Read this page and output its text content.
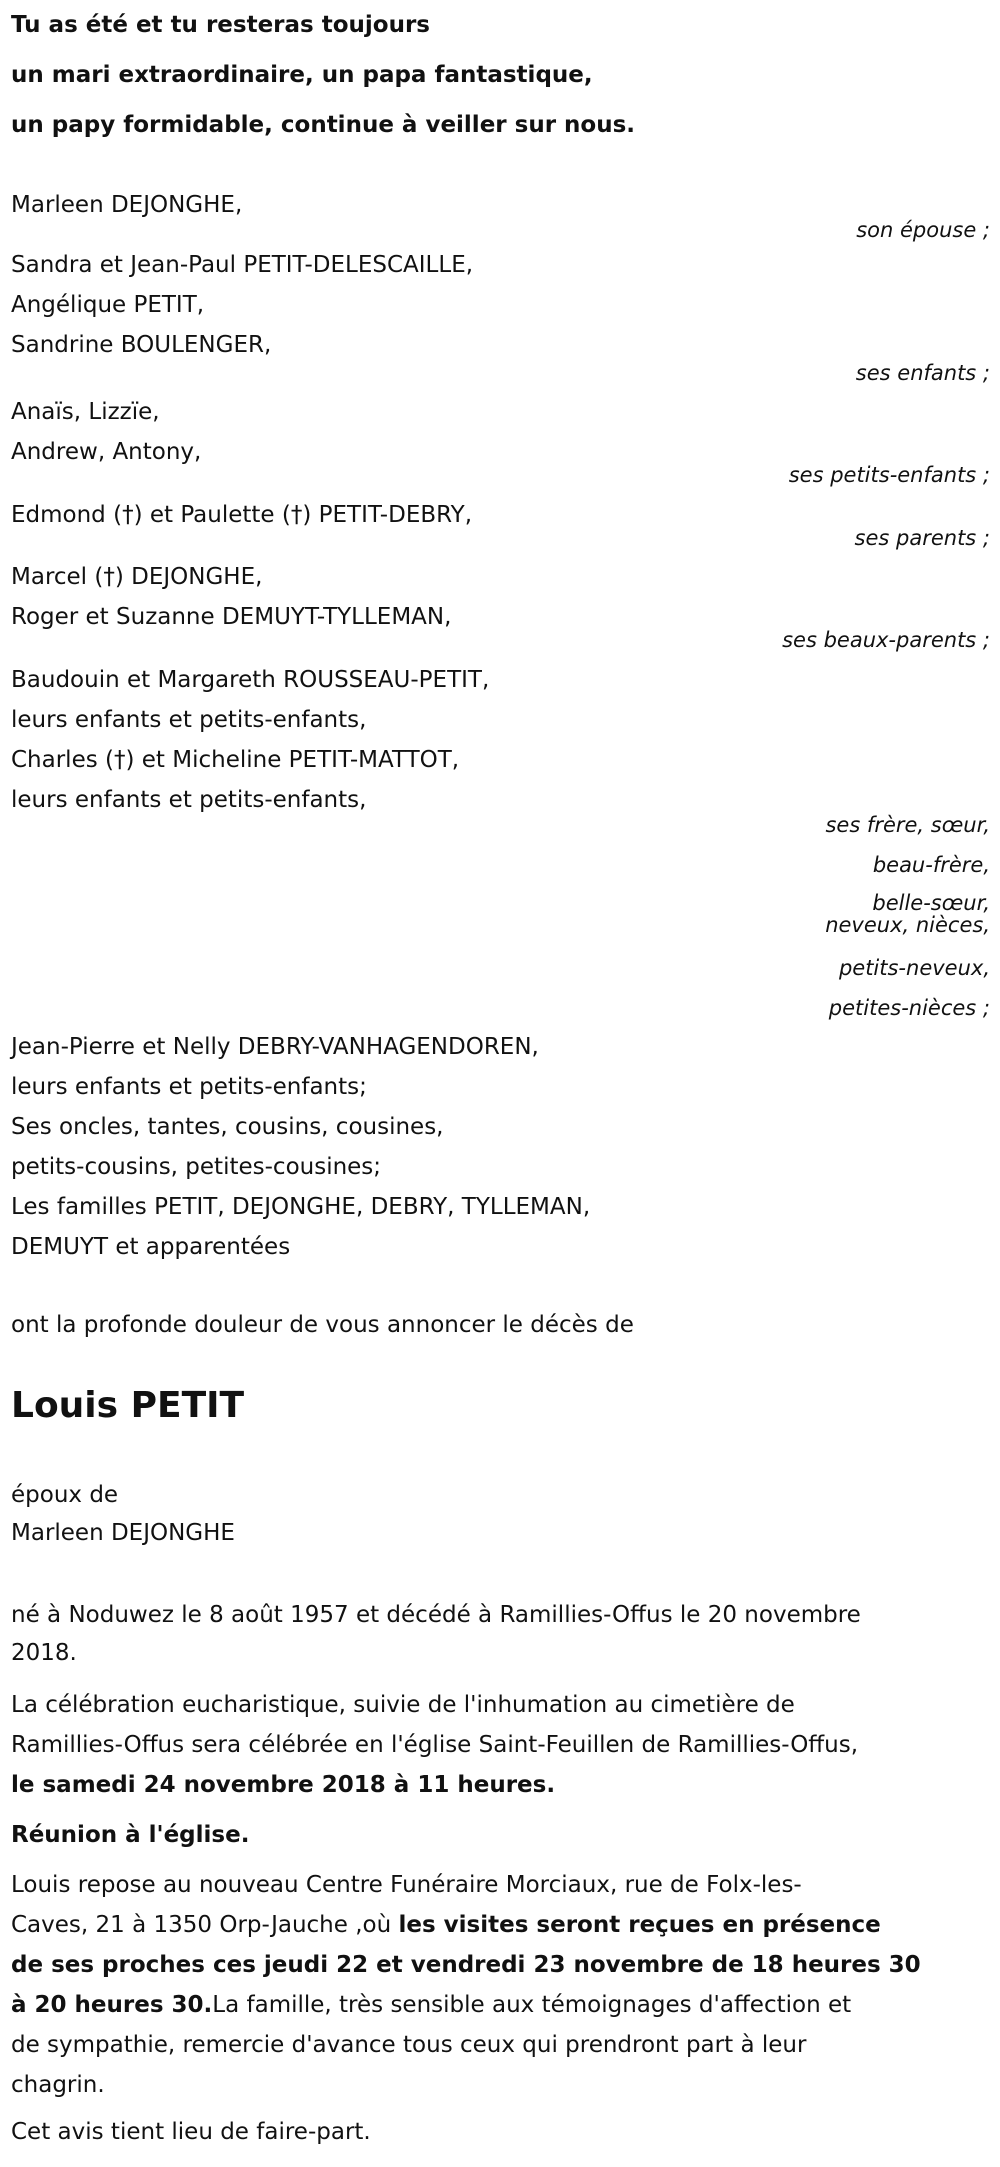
Tu as été et tu resteras toujours
un mari extraordinaire, un papa fantastique,
un papy formidable, continue à veiller sur nous.
Marleen DEJONGHE,
son épouse ;
Sandra et Jean-Paul PETIT-DELESCAILLE,
Angélique PETIT,
Sandrine BOULENGER,
ses enfants ;
Anaïs, Lizzïe,
Andrew, Antony,
ses petits-enfants ;
Edmond (†) et Paulette (†) PETIT-DEBRY,
ses parents ;
Marcel (†) DEJONGHE,
Roger et Suzanne DEMUYT-TYLLEMAN,
ses beaux-parents ;
Baudouin et Margareth ROUSSEAU-PETIT,
leurs enfants et petits-enfants,
Charles (†) et Micheline PETIT-MATTOT,
leurs enfants et petits-enfants,
ses frère, sœur,
beau-frère,
belle-sœur,
neveux, nièces,
petits-neveux,
petites-nièces ;
Jean-Pierre et Nelly DEBRY-VANHAGENDOREN,
leurs enfants et petits-enfants;
Ses oncles, tantes, cousins, cousines,
petits-cousins, petites-cousines;
Les familles PETIT, DEJONGHE, DEBRY, TYLLEMAN,
DEMUYT et apparentées
ont la profonde douleur de vous annoncer le décès de
Louis PETIT
époux de
Marleen DEJONGHE
né à Noduwez le 8 août 1957 et décédé à Ramillies-Offus le 20 novembre
2018.
La célébration eucharistique, suivie de l'inhumation au cimetière de
Ramillies-Offus sera célébrée en l'église Saint-Feuillen de Ramillies-Offus,
le samedi 24 novembre 2018 à 11 heures.
Réunion à l'église.
Louis repose au nouveau Centre Funéraire Morciaux, rue de Folx-les-
Caves, 21 à 1350 Orp-Jauche ,où les visites seront reçues en présence
de ses proches ces jeudi 22 et vendredi 23 novembre de 18 heures 30
à 20 heures 30.La famille, très sensible aux témoignages d'affection et
de sympathie, remercie d'avance tous ceux qui prendront part à leur
chagrin.
Cet avis tient lieu de faire-part.
